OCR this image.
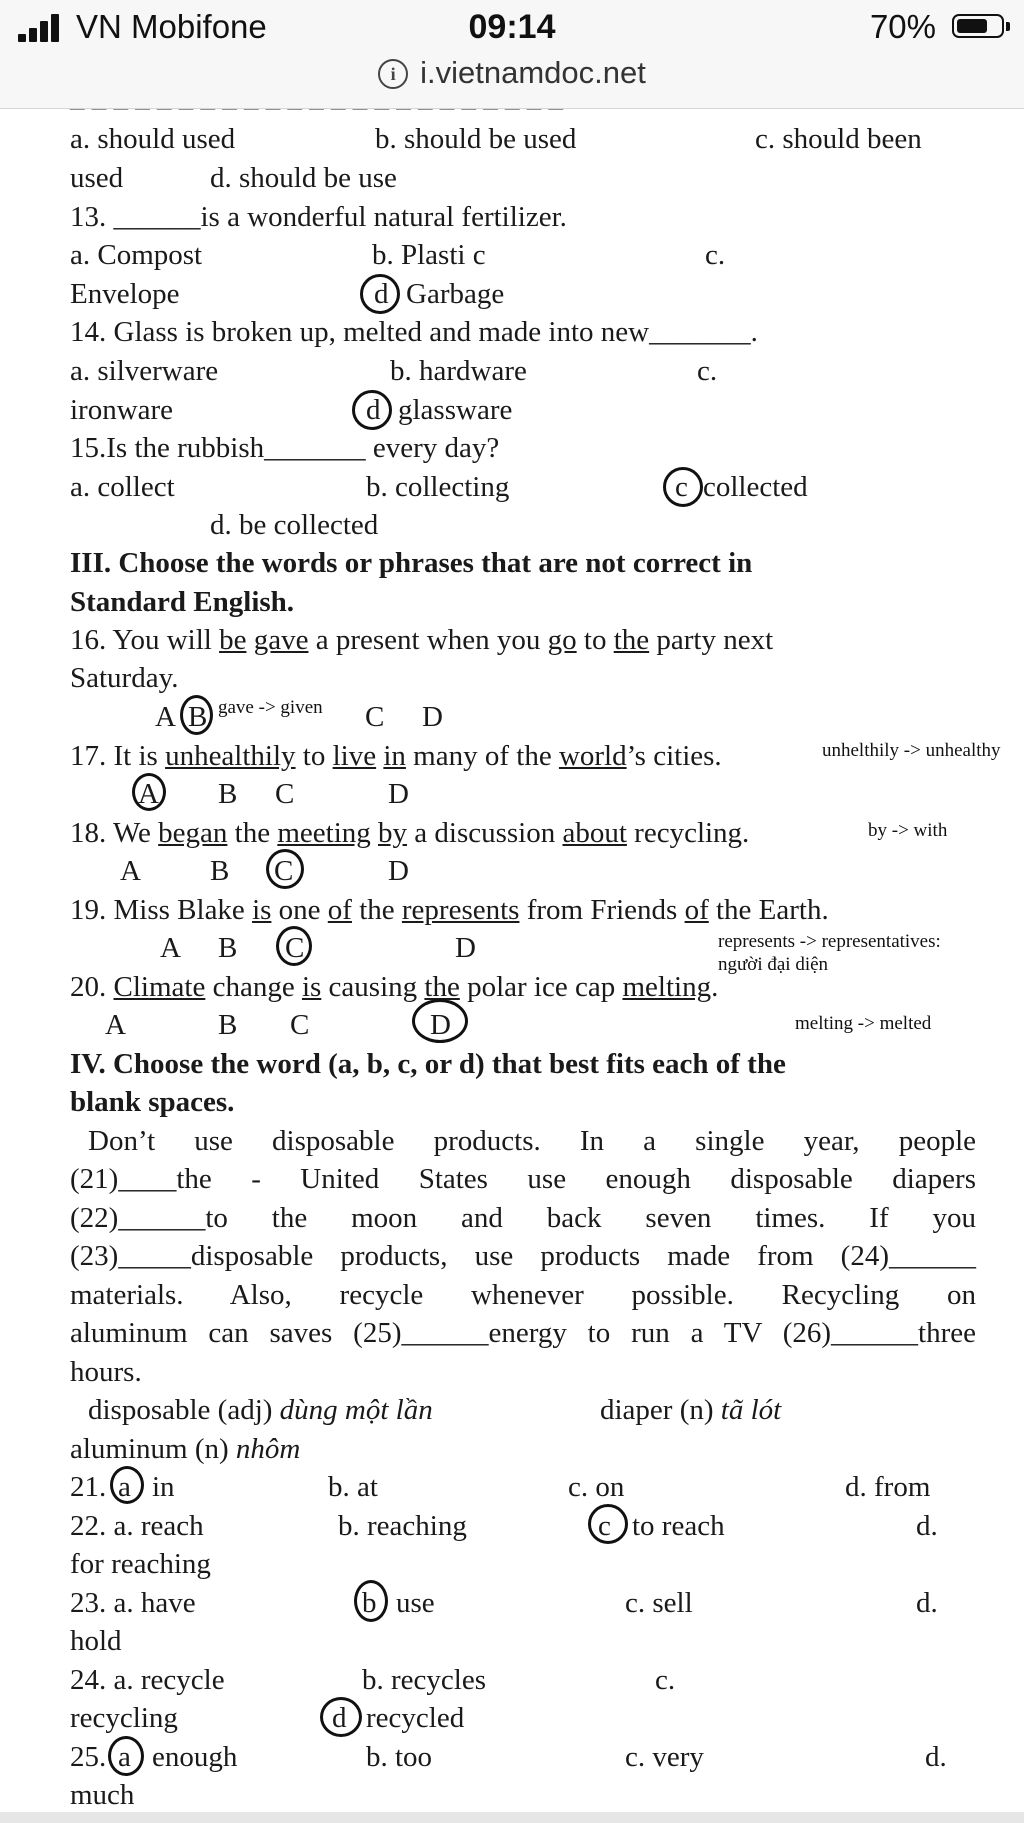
a. should used	b. should be used	c. should been
used	d. should be use
13. ______is a wonderful natural fertilizer.
a. Compost	b. Plasti c	c.
Envelope	d Garbage
14. Glass is broken up, melted and made into new_______.
a. silverware	b. hardware	c.
ironware	d glassware
15.Is the rubbish_______ every day?
a. collect	b. collecting	c collected
d. be collected
III. Choose the words or phrases that are not correct in
Standard English.
16. You will be gave a present when you go to the party next
Saturday.
A B	C D
gave -> given
17. It is unhealthily to live in many of the world’s cities.	unhelthily -> unhealthy
A B C	D
18. We began the meeting by a discussion about recycling.	by -> with
A B C	D
19. Miss Blake is one of the represents from Friends of the Earth.
A B C	D	represents -> representatives:
người đại diện
20. Climate change is causing the polar ice cap melting.
A	B C	D	melting -> melted
IV. Choose the word (a, b, c, or d) that best fits each of the
blank spaces.
Don’t use disposable products. In a single year, people
(21)____the - United States use enough disposable diapers
(22)______to the moon and back seven times. If you
(23)_____disposable products, use products made from (24)______
materials. Also, recycle whenever possible. Recycling on
aluminum can saves (25)______energy to run a TV (26)______three
hours.
disposable (adj) dùng một lần	diaper (n) tã lót
aluminum (n) nhôm
21. a in	b. at	c. on	d. from
22. a. reach	b. reaching	c to reach	d.
for reaching
23. a. have	b use	c. sell	d.
hold
24. a. recycle	b. recycles	c.
recycling	d recycled
25. a enough	b. too	c. very	d.
much
VN Mobifone	09:14	70%
i i.vietnamdoc.net
